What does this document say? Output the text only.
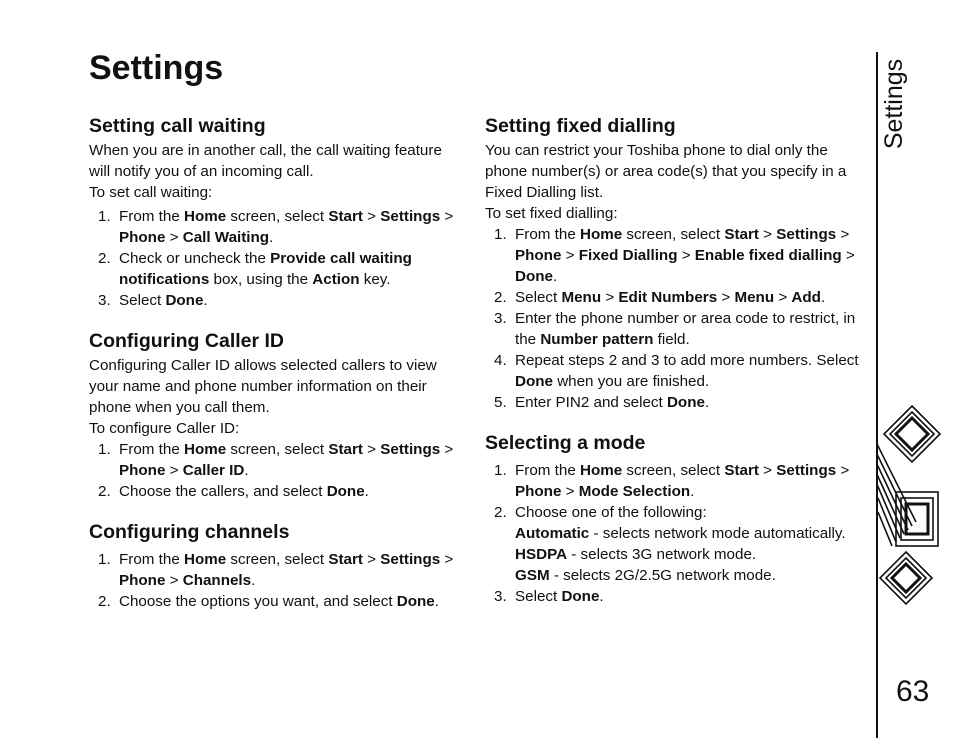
Settings
Setting call waiting

When you are in another call, the call waiting feature will notify you of an incoming call.

To set call waiting:

1. From the Home screen, select Start > Settings > Phone > Call Waiting.
2. Check or uncheck the Provide call waiting notifications box, using the Action key.
3. Select Done.
Configuring Caller ID

Configuring Caller ID allows selected callers to view your name and phone number information on their phone when you call them.

To configure Caller ID:

1. From the Home screen, select Start > Settings > Phone > Caller ID.
2. Choose the callers, and select Done.
Configuring channels
1. From the Home screen, select Start > Settings > Phone > Channels.
2. Choose the options you want, and select Done.
Setting fixed dialling

You can restrict your Toshiba phone to dial only the phone number(s) or area code(s) that you specify in a Fixed Dialling list.

To set fixed dialling:

1. From the Home screen, select Start > Settings > Phone > Fixed Dialling > Enable fixed dialling > Done.
2. Select Menu > Edit Numbers > Menu > Add.
3. Enter the phone number or area code to restrict, in the Number pattern field.
4. Repeat steps 2 and 3 to add more numbers. Select Done when you are finished.
5. Enter PIN2 and select Done.
Selecting a mode
1. From the Home screen, select Start > Settings > Phone > Mode Selection.
2. Choose one of the following:
Automatic - selects network mode automatically.
HSDPA - selects 3G network mode.
GSM - selects 2G/2.5G network mode.
3. Select Done.
Settings
63
